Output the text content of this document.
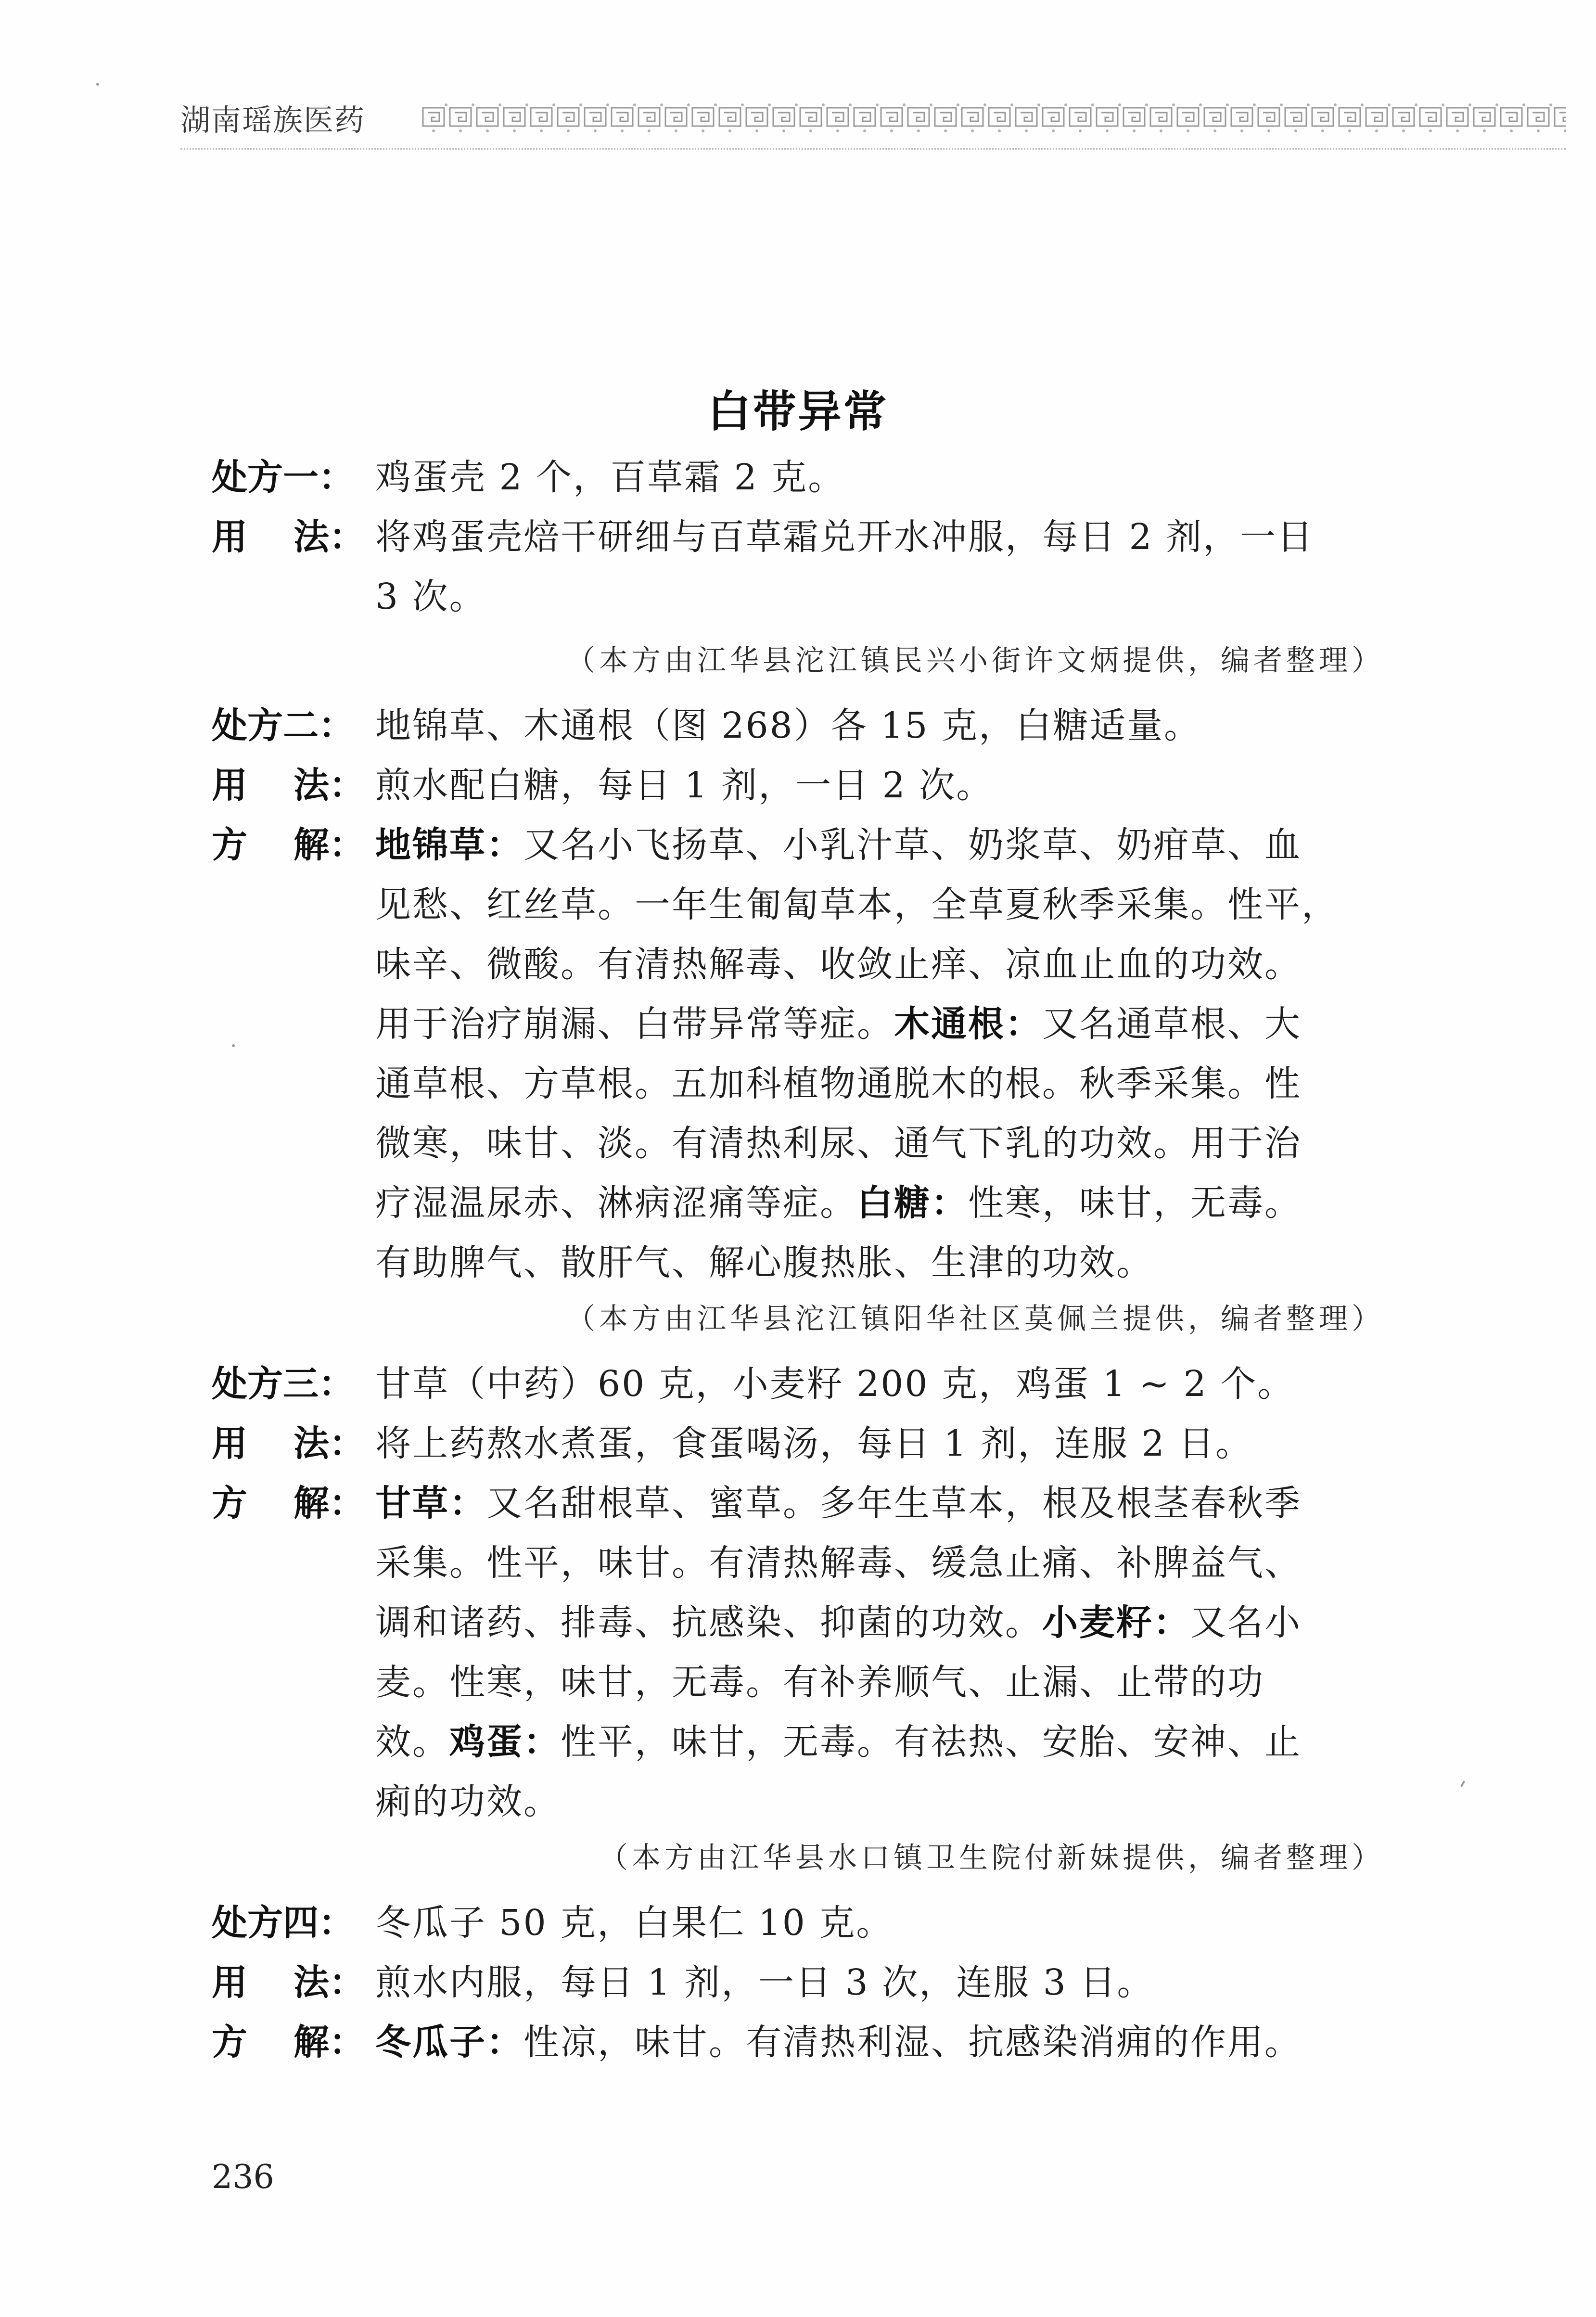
湖南瑶族医药
白带异常
处方一： 鸡蛋壳 2 个，百草霜 2 克。
用 法： 将鸡蛋壳焙干研细与百草霜兑开水冲服，每日 2 剂，一日
3 次。
（本方由江华县沱江镇民兴小街许文炳提供，编者整理）
处方二： 地锦草、木通根（图 268）各 15 克，白糖适量。
用 法： 煎水配白糖，每日 1 剂，一日 2 次。
方 解： 地锦草：又名小飞扬草、小乳汁草、奶浆草、奶疳草、血
见愁、红丝草。一年生匍匐草本，全草夏秋季采集。性平，
味辛、微酸。有清热解毒、收敛止痒、凉血止血的功效。
用于治疗崩漏、白带异常等症。木通根：又名通草根、大
通草根、方草根。五加科植物通脱木的根。秋季采集。性
微寒，味甘、淡。有清热利尿、通气下乳的功效。用于治
疗湿温尿赤、淋病涩痛等症。白糖：性寒，味甘，无毒。
有助脾气、散肝气、解心腹热胀、生津的功效。
（本方由江华县沱江镇阳华社区莫佩兰提供，编者整理）
处方三： 甘草（中药）60 克，小麦籽 200 克，鸡蛋 1 ~ 2 个。
用 法： 将上药熬水煮蛋，食蛋喝汤，每日 1 剂，连服 2 日。
方 解： 甘草：又名甜根草、蜜草。多年生草本，根及根茎春秋季
采集。性平，味甘。有清热解毒、缓急止痛、补脾益气、
调和诸药、排毒、抗感染、抑菌的功效。小麦籽：又名小
麦。性寒，味甘，无毒。有补养顺气、止漏、止带的功
效。鸡蛋：性平，味甘，无毒。有祛热、安胎、安神、止
痢的功效。
（本方由江华县水口镇卫生院付新妹提供，编者整理）
处方四： 冬瓜子 50 克，白果仁 10 克。
用 法： 煎水内服，每日 1 剂，一日 3 次，连服 3 日。
方 解： 冬瓜子：性凉，味甘。有清热利湿、抗感染消痈的作用。
236
